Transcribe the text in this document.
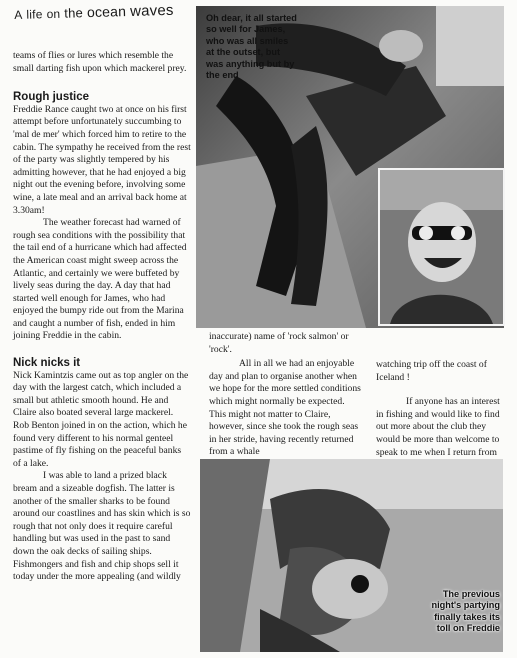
A life on the ocean waves

teams of flies or lures which resemble the small darting fish upon which mackerel prey.

Rough justice

Freddie Rance caught two at once on his first attempt before unfortunately succumbing to 'mal de mer' which forced him to retire to the cabin. The sympathy he received from the rest of the party was slightly tempered by his admitting however, that he had enjoyed a big night out the evening before, involving some wine, a late meal and an arrival back home at 3.30am!

The weather forecast had warned of rough sea conditions with the possibility that the tail end of a hurricane which had affected the American coast might sweep across the Atlantic, and certainly we were buffeted by lively seas during the day. A day that had started well enough for James, who had enjoyed the bumpy ride out from the Marina and caught a number of fish, ended in him joining Freddie in the cabin.

Nick nicks it

Nick Kamintzis came out as top angler on the day with the largest catch, which included a small but athletic smooth hound. He and Claire also boated several large mackerel. Rob Benton joined in on the action, which he found very different to his normal genteel pastime of fly fishing on the peaceful banks of a lake.

I was able to land a prized black bream and a sizeable dogfish. The latter is another of the smaller sharks to be found around our coastlines and has skin which is so rough that not only does it require careful handling but was used in the past to sand down the oak decks of sailing ships. Fishmongers and fish and chip shops sell it today under the more appealing (and wildly

Oh dear, it all started so well for James, who was all smiles at the outset, but was anything but by the end

inaccurate) name of 'rock salmon' or 'rock'.

All in all we had an enjoyable day and plan to organise another when we hope for the more settled conditions which might normally be expected. This might not matter to Claire, however, since she took the rough seas in her stride, having recently returned from a whale

watching trip off the coast of Iceland !

If anyone has an interest in fishing and would like to find out more about the club they would be more than welcome to speak to me when I return from

The previous night's partying finally takes its toll on Freddie
